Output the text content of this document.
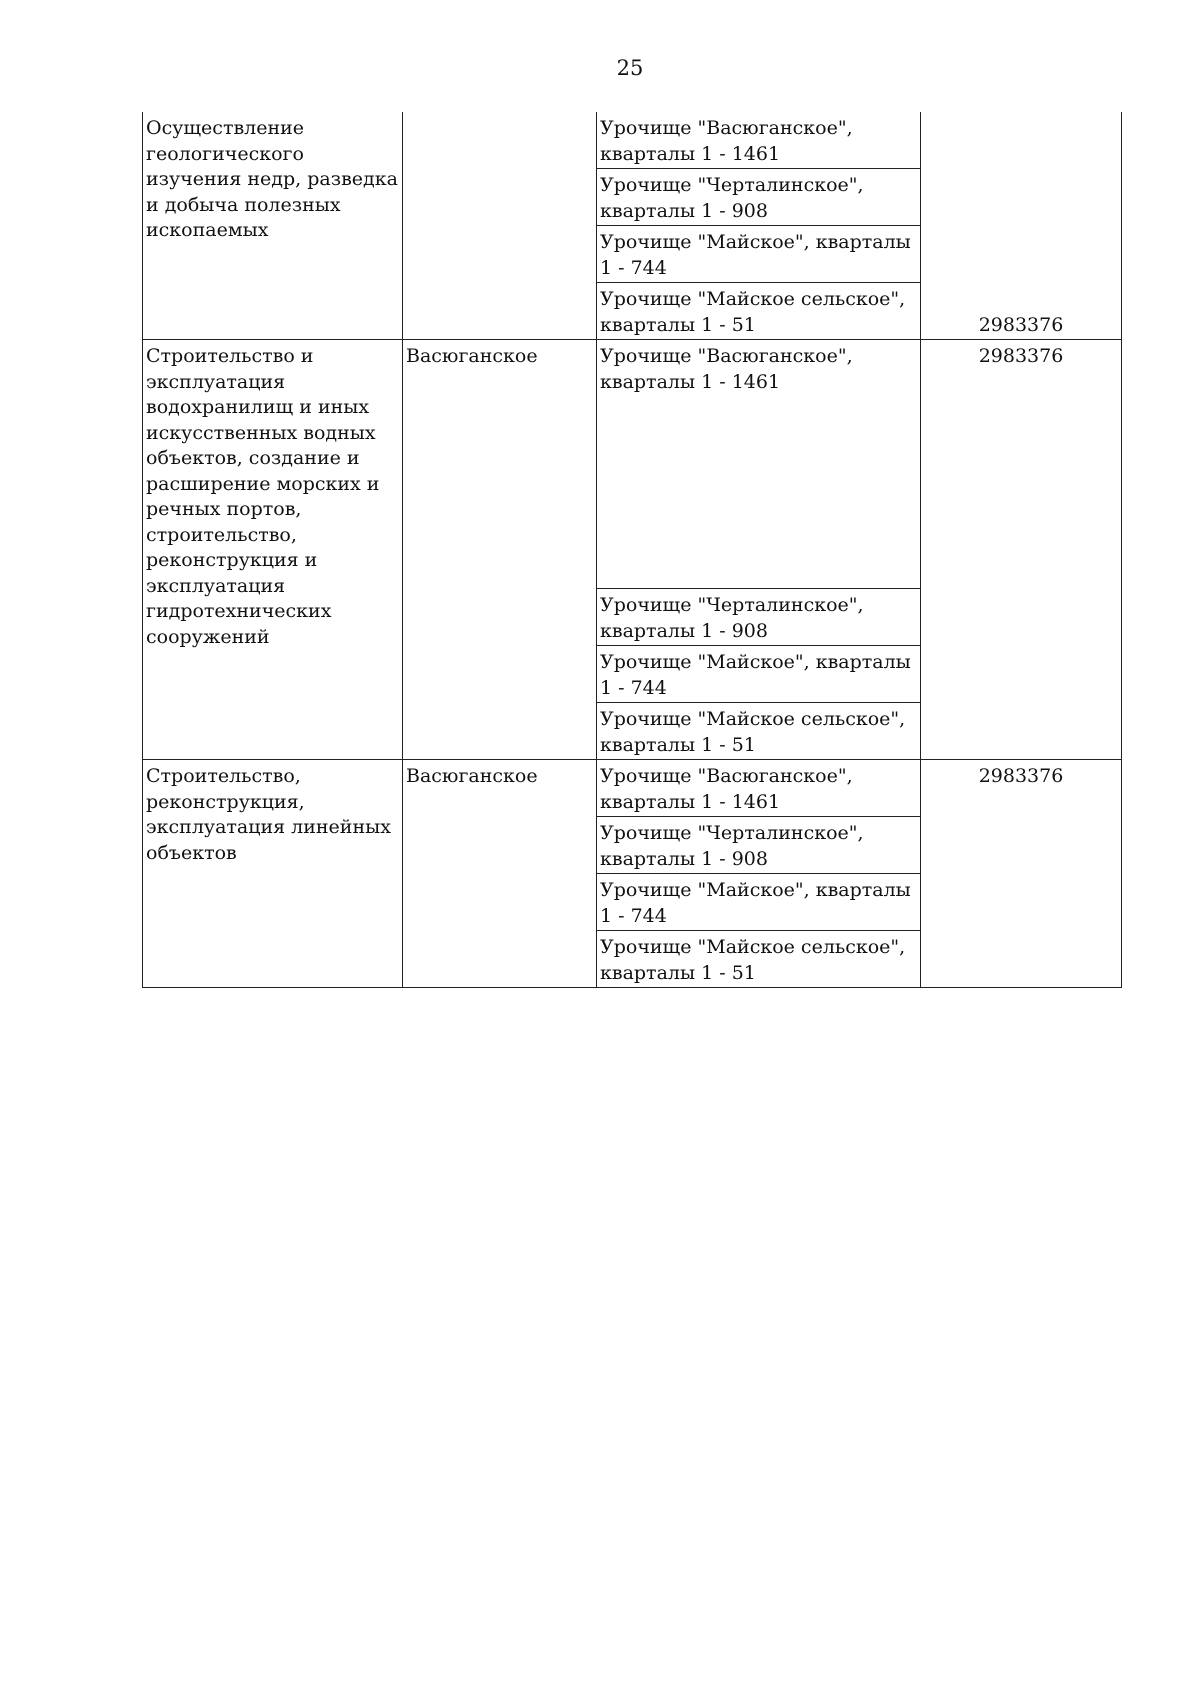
25
Осуществление геологического изучения недр, разведка и добыча полезных ископаемых		Урочище "Васюганское", кварталы 1 - 1461	2983376
		Урочище "Черталинское", кварталы 1 - 908	
		Урочище "Майское", кварталы 1 - 744	
		Урочище "Майское сельское", кварталы 1 - 51	
Строительство и эксплуатация водохранилищ и иных искусственных водных объектов, создание и расширение морских и речных портов, строительство, реконструкция и эксплуатация гидротехнических сооружений	Васюганское	Урочище "Васюганское", кварталы 1 - 1461	2983376
		Урочище "Черталинское", кварталы 1 - 908	
		Урочище "Майское", кварталы 1 - 744	
		Урочище "Майское сельское", кварталы 1 - 51	
Строительство, реконструкция, эксплуатация линейных объектов	Васюганское	Урочище "Васюганское", кварталы 1 - 1461	2983376
		Урочище "Черталинское", кварталы 1 - 908	
		Урочище "Майское", кварталы 1 - 744	
		Урочище "Майское сельское", кварталы 1 - 51	
